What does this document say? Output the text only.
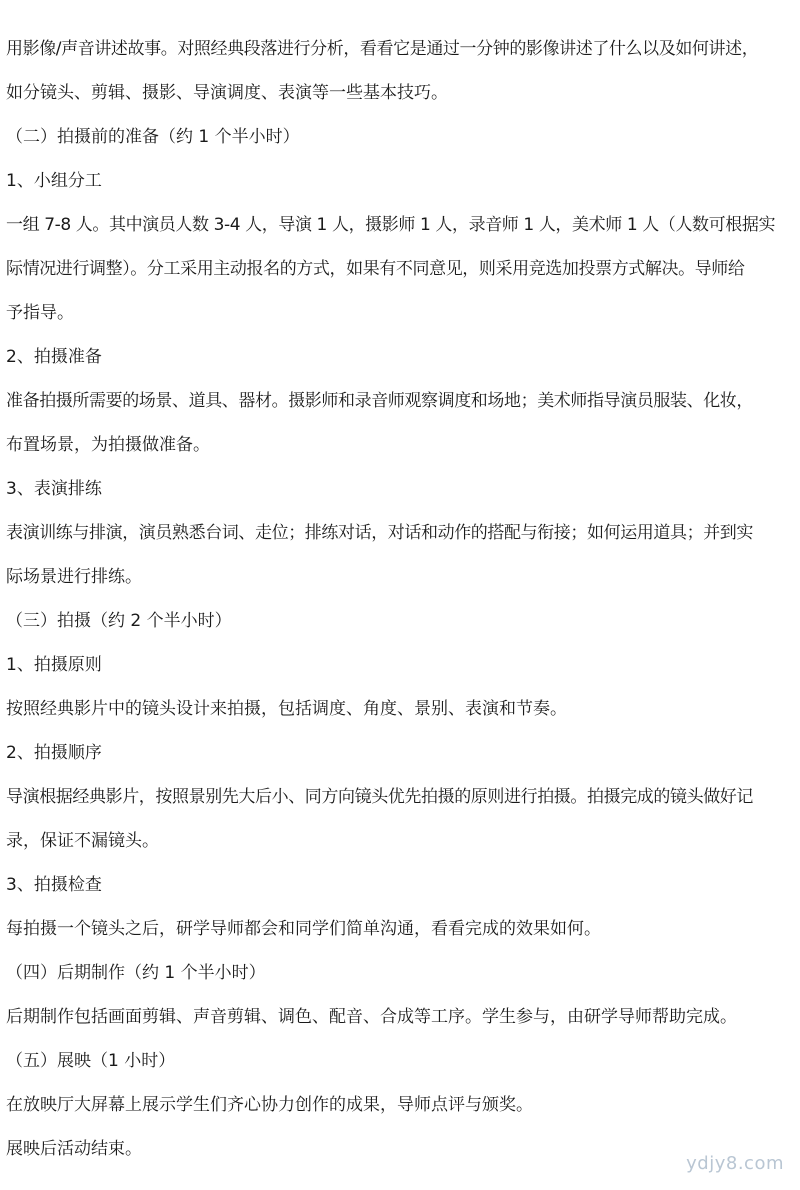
用影像/声音讲述故事。对照经典段落进行分析，看看它是通过一分钟的影像讲述了什么以及如何讲述，

如分镜头、剪辑、摄影、导演调度、表演等一些基本技巧。

（二）拍摄前的准备（约 1 个半小时）

1、小组分工

一组 7-8 人。其中演员人数 3-4 人，导演 1 人，摄影师 1 人，录音师 1 人，美术师 1 人（人数可根据实

际情况进行调整）。分工采用主动报名的方式，如果有不同意见，则采用竞选加投票方式解决。导师给

予指导。

2、拍摄准备

准备拍摄所需要的场景、道具、器材。摄影师和录音师观察调度和场地；美术师指导演员服装、化妆，

布置场景，为拍摄做准备。

3、表演排练

表演训练与排演，演员熟悉台词、走位；排练对话，对话和动作的搭配与衔接；如何运用道具；并到实

际场景进行排练。

（三）拍摄（约 2 个半小时）

1、拍摄原则

按照经典影片中的镜头设计来拍摄，包括调度、角度、景别、表演和节奏。

2、拍摄顺序

导演根据经典影片，按照景别先大后小、同方向镜头优先拍摄的原则进行拍摄。拍摄完成的镜头做好记

录，保证不漏镜头。

3、拍摄检查

每拍摄一个镜头之后，研学导师都会和同学们简单沟通，看看完成的效果如何。

（四）后期制作（约 1 个半小时）

后期制作包括画面剪辑、声音剪辑、调色、配音、合成等工序。学生参与，由研学导师帮助完成。

（五）展映（1 小时）

在放映厅大屏幕上展示学生们齐心协力创作的成果，导师点评与颁奖。

展映后活动结束。

ydjy8.com
